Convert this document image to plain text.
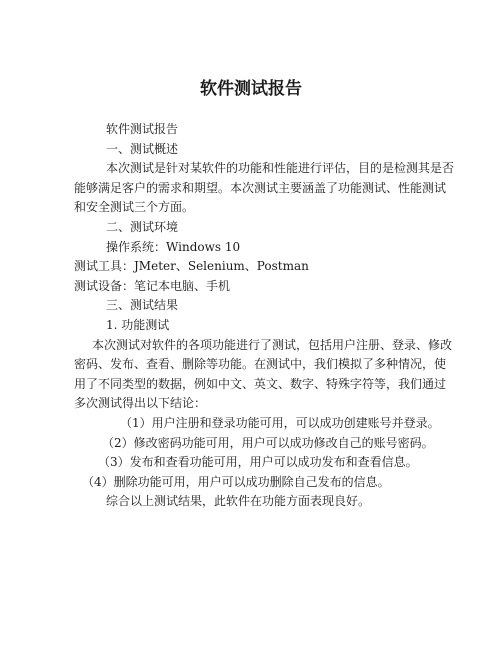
软件测试报告

软件测试报告

一、测试概述

本次测试是针对某软件的功能和性能进行评估，目的是检测其是否能够满足客户的需求和期望。本次测试主要涵盖了功能测试、性能测试和安全测试三个方面。

二、测试环境

操作系统：Windows 10

测试工具：JMeter、Selenium、Postman

测试设备：笔记本电脑、手机

三、测试结果

1. 功能测试

本次测试对软件的各项功能进行了测试，包括用户注册、登录、修改密码、发布、查看、删除等功能。在测试中，我们模拟了多种情况，使用了不同类型的数据，例如中文、英文、数字、特殊字符等，我们通过多次测试得出以下结论：

（1）用户注册和登录功能可用，可以成功创建账号并登录。

（2）修改密码功能可用，用户可以成功修改自己的账号密码。

（3）发布和查看功能可用，用户可以成功发布和查看信息。

（4）删除功能可用，用户可以成功删除自己发布的信息。

综合以上测试结果，此软件在功能方面表现良好。
